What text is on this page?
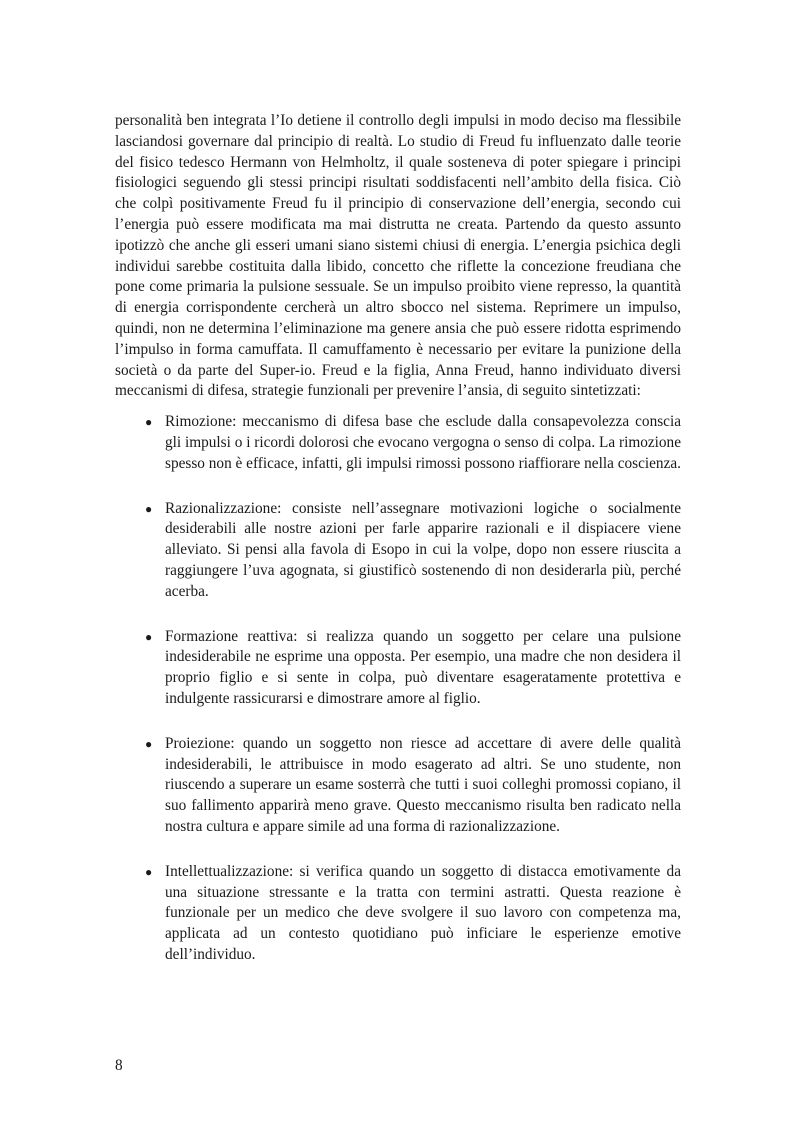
personalità ben integrata l’Io detiene il controllo degli impulsi in modo deciso ma flessibile lasciandosi governare dal principio di realtà. Lo studio di Freud fu influenzato dalle teorie del fisico tedesco Hermann von Helmholtz, il quale sosteneva di poter spiegare i principi fisiologici seguendo gli stessi principi risultati soddisfacenti nell’ambito della fisica. Ciò che colpì positivamente Freud fu il principio di conservazione dell’energia, secondo cui l’energia può essere modificata ma mai distrutta ne creata. Partendo da questo assunto ipotizzò che anche gli esseri umani siano sistemi chiusi di energia. L’energia psichica degli individui sarebbe costituita dalla libido, concetto che riflette la concezione freudiana che pone come primaria la pulsione sessuale. Se un impulso proibito viene represso, la quantità di energia corrispondente cercherà un altro sbocco nel sistema. Reprimere un impulso, quindi, non ne determina l’eliminazione ma genere ansia che può essere ridotta esprimendo l’impulso in forma camuffata. Il camuffamento è necessario per evitare la punizione della società o da parte del Super-io. Freud e la figlia, Anna Freud, hanno individuato diversi meccanismi di difesa, strategie funzionali per prevenire l’ansia, di seguito sintetizzati:

● Rimozione: meccanismo di difesa base che esclude dalla consapevolezza conscia gli impulsi o i ricordi dolorosi che evocano vergogna o senso di colpa. La rimozione spesso non è efficace, infatti, gli impulsi rimossi possono riaffiorare nella coscienza.
● Razionalizzazione: consiste nell’assegnare motivazioni logiche o socialmente desiderabili alle nostre azioni per farle apparire razionali e il dispiacere viene alleviato. Si pensi alla favola di Esopo in cui la volpe, dopo non essere riuscita a raggiungere l’uva agognata, si giustificò sostenendo di non desiderarla più, perché acerba.
● Formazione reattiva: si realizza quando un soggetto per celare una pulsione indesiderabile ne esprime una opposta. Per esempio, una madre che non desidera il proprio figlio e si sente in colpa, può diventare esageratamente protettiva e indulgente rassicurarsi e dimostrare amore al figlio.
● Proiezione: quando un soggetto non riesce ad accettare di avere delle qualità indesiderabili, le attribuisce in modo esagerato ad altri. Se uno studente, non riuscendo a superare un esame sosterrà che tutti i suoi colleghi promossi copiano, il suo fallimento apparirà meno grave. Questo meccanismo risulta ben radicato nella nostra cultura e appare simile ad una forma di razionalizzazione.
● Intellettualizzazione: si verifica quando un soggetto di distacca emotivamente da una situazione stressante e la tratta con termini astratti. Questa reazione è funzionale per un medico che deve svolgere il suo lavoro con competenza ma, applicata ad un contesto quotidiano può inficiare le esperienze emotive dell’individuo.
8
